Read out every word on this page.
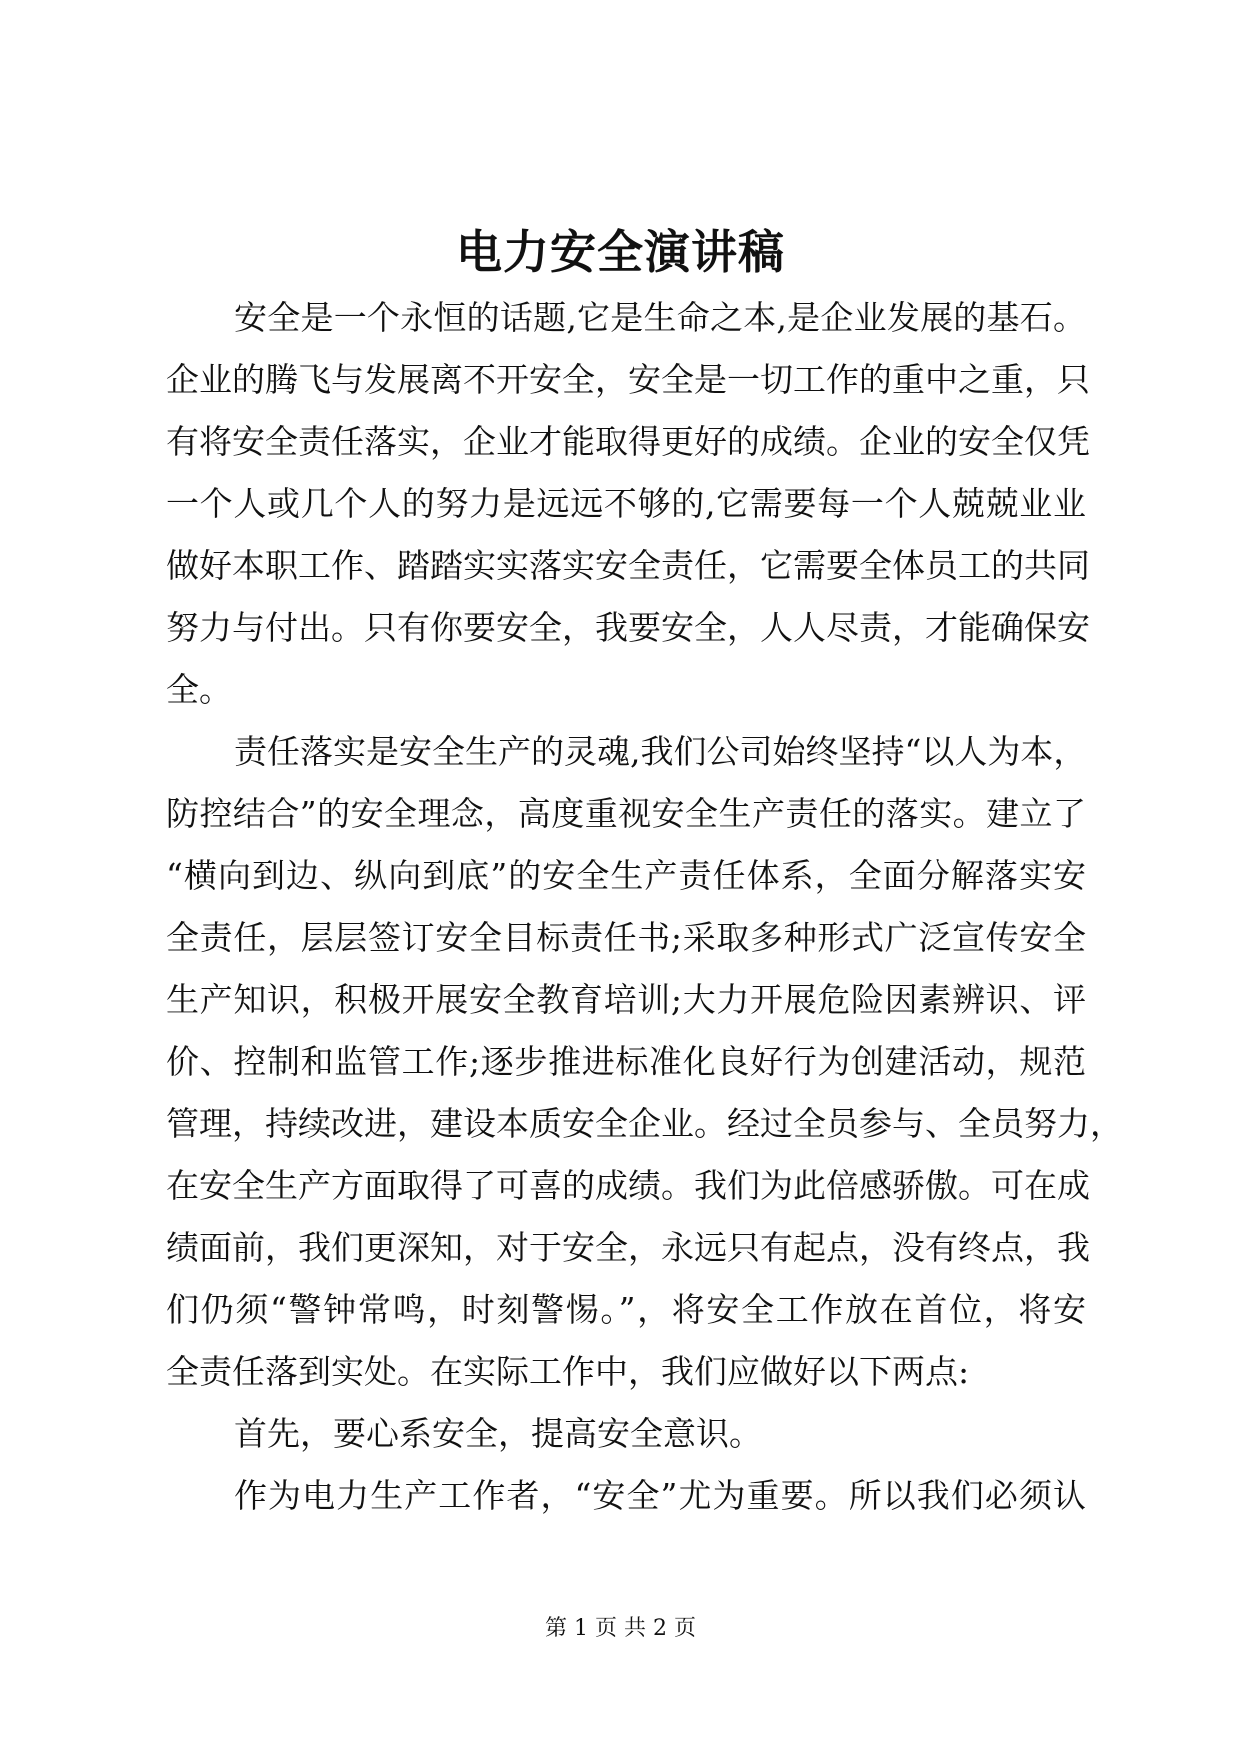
电力安全演讲稿
安全是一个永恒的话题,它是生命之本,是企业发展的基石。
企业的腾飞与发展离不开安全，安全是一切工作的重中之重，只
有将安全责任落实，企业才能取得更好的成绩。企业的安全仅凭
一个人或几个人的努力是远远不够的,它需要每一个人兢兢业业
做好本职工作、踏踏实实落实安全责任，它需要全体员工的共同
努力与付出。只有你要安全，我要安全，人人尽责，才能确保安
全。
责任落实是安全生产的灵魂,我们公司始终坚持“以人为本，
防控结合”的安全理念，高度重视安全生产责任的落实。建立了
“横向到边、纵向到底”的安全生产责任体系，全面分解落实安
全责任，层层签订安全目标责任书;采取多种形式广泛宣传安全
生产知识，积极开展安全教育培训;大力开展危险因素辨识、评
价、控制和监管工作;逐步推进标准化良好行为创建活动，规范
管理，持续改进，建设本质安全企业。经过全员参与、全员努力，
在安全生产方面取得了可喜的成绩。我们为此倍感骄傲。可在成
绩面前，我们更深知，对于安全，永远只有起点，没有终点，我
们仍须“警钟常鸣，时刻警惕。”，将安全工作放在首位，将安
全责任落到实处。在实际工作中，我们应做好以下两点:
首先，要心系安全，提高安全意识。
作为电力生产工作者，“安全”尤为重要。所以我们必须认
第 1 页 共 2 页
